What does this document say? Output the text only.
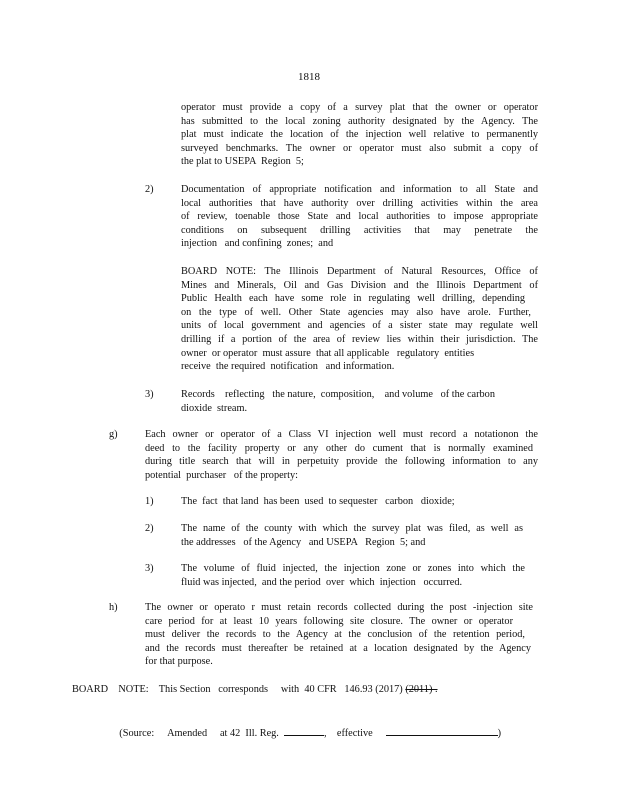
1818
operator must provide a copy of a survey plat that the owner or operator
has submitted to the local zoning authority designated by the Agency. The
plat must indicate the location of the injection well relative to permanently
surveyed benchmarks. The owner or operator must also submit a copy of
the plat to USEPA  Region  5;
2)	Documentation of appropriate notification and information to all State and
local authorities that have authority over drilling activities within the area
of review, toenable those State and local authorities to impose appropriate
conditions on subsequent drilling activities that may penetrate the
injection   and confining  zones;  and
BOARD NOTE: The Illinois Department of Natural Resources, Office of
Mines and Minerals, Oil and Gas Division and the Illinois Department of
Public Health each have some role in regulating well drilling, depending
on the type of well. Other State agencies may also have arole. Further,
units of local government and agencies of a sister state may regulate well
drilling if a portion of the area of review lies within their jurisdiction. The
owner  or operator  must assure  that all applicable   regulatory  entities
receive  the required  notification   and information.
3)	Records    reflecting   the nature,  composition,    and volume   of the carbon
dioxide  stream.
g)	Each owner or operator of a Class VI injection well must record a notationon the
deed to the facility property or any other do cument that is normally examined
during title search that will in perpetuity provide the following information to any
potential  purchaser   of the property:
1)	The  fact  that land  has been  used  to sequester   carbon   dioxide;
2)	The name of the county with which the survey plat was filed, as well as
the addresses   of the Agency   and USEPA   Region  5; and
3)	The volume of fluid injected, the injection zone or zones into which the
fluid was injected,  and the period  over  which  injection   occurred.
h)	The owner or operato r must retain records collected during the post -injection site
care period for at least 10 years following site closure. The owner or operator
must deliver the records to the Agency at the conclusion of the retention period,
and the records must thereafter be retained at a location designated by the Agency
for that purpose.
BOARD    NOTE:    This Section   corresponds     with  40 CFR   146.93 (2017) (2011) .

(Source: Amended at 42  Ill. Reg.	,    effective	)
